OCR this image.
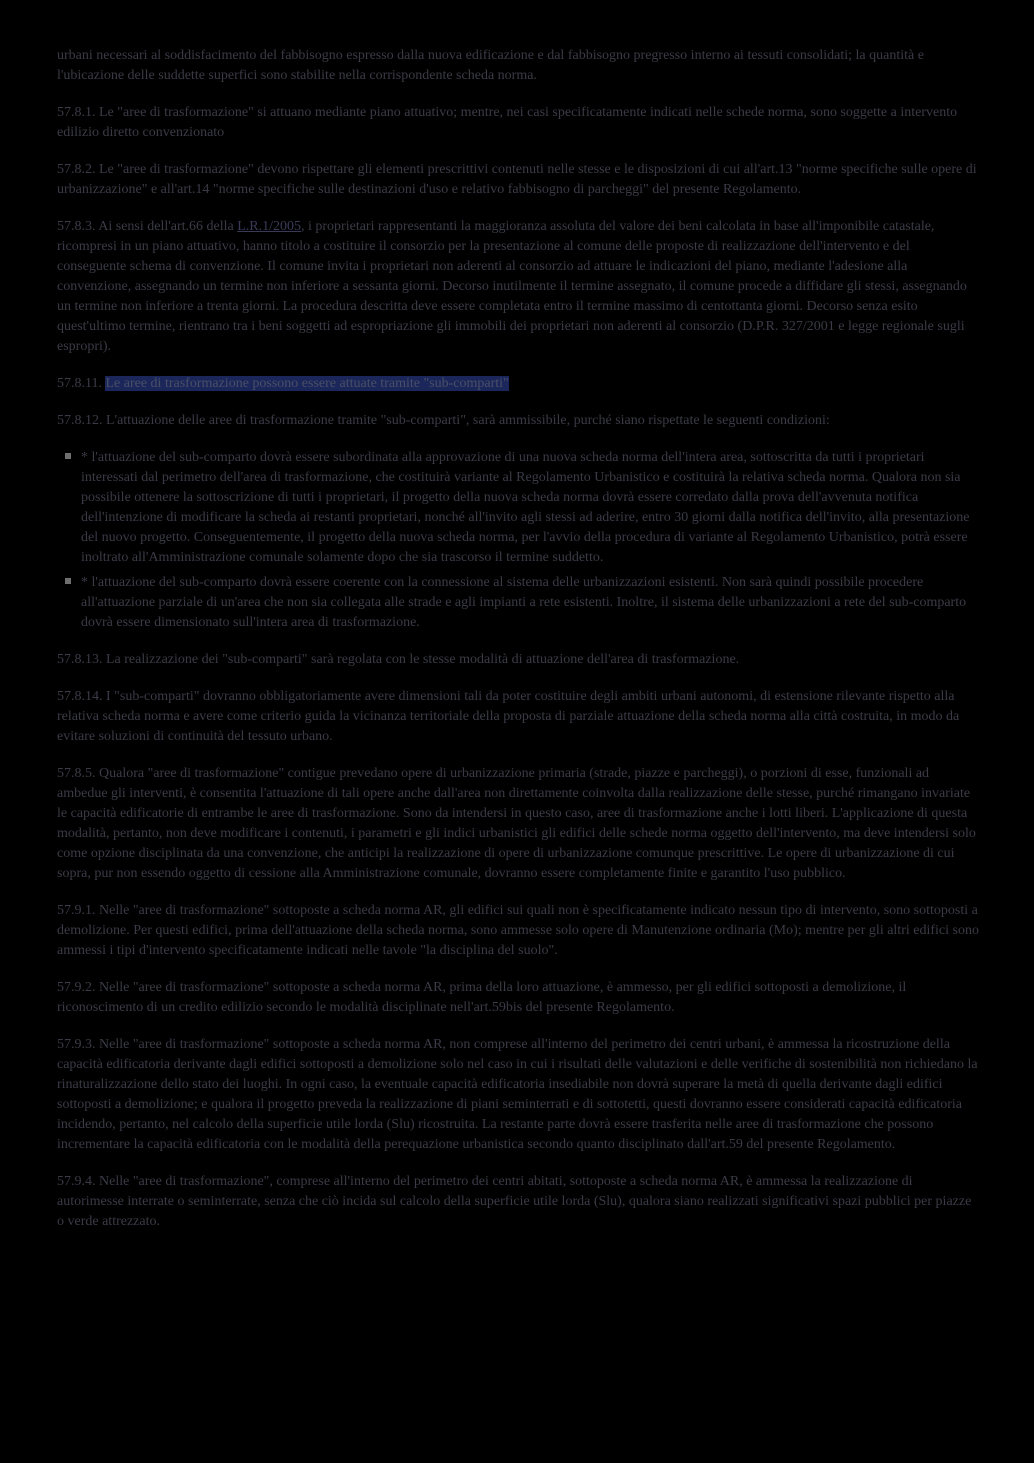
urbani necessari al soddisfacimento del fabbisogno espresso dalla nuova edificazione e dal fabbisogno pregresso interno ai tessuti consolidati; la quantità e l'ubicazione delle suddette superfici sono stabilite nella corrispondente scheda norma.

57.8.1. Le "aree di trasformazione" si attuano mediante piano attuativo; mentre, nei casi specificatamente indicati nelle schede norma, sono soggette a intervento edilizio diretto convenzionato

57.8.2. Le "aree di trasformazione" devono rispettare gli elementi prescrittivi contenuti nelle stesse e le disposizioni di cui all'art.13 "norme specifiche sulle opere di urbanizzazione" e all'art.14 "norme specifiche sulle destinazioni d'uso e relativo fabbisogno di parcheggi" del presente Regolamento.

57.8.3. Ai sensi dell'art.66 della L.R.1/2005, i proprietari rappresentanti la maggioranza assoluta del valore dei beni calcolata in base all'imponibile catastale, ricompresi in un piano attuativo, hanno titolo a costituire il consorzio per la presentazione al comune delle proposte di realizzazione dell'intervento e del conseguente schema di convenzione. Il comune invita i proprietari non aderenti al consorzio ad attuare le indicazioni del piano, mediante l'adesione alla convenzione, assegnando un termine non inferiore a sessanta giorni. Decorso inutilmente il termine assegnato, il comune procede a diffidare gli stessi, assegnando un termine non inferiore a trenta giorni. La procedura descritta deve essere completata entro il termine massimo di centottanta giorni. Decorso senza esito quest'ultimo termine, rientrano tra i beni soggetti ad espropriazione gli immobili dei proprietari non aderenti al consorzio (D.P.R. 327/2001 e legge regionale sugli espropri).

57.8.11. Le aree di trasformazione possono essere attuate tramite "sub-comparti"

57.8.12. L'attuazione delle aree di trasformazione tramite "sub-comparti", sarà ammissibile, purché siano rispettate le seguenti condizioni:

* l'attuazione del sub-comparto dovrà essere subordinata alla approvazione di una nuova scheda norma dell'intera area, sottoscritta da tutti i proprietari interessati dal perimetro dell'area di trasformazione, che costituirà variante al Regolamento Urbanistico e costituirà la relativa scheda norma. Qualora non sia possibile ottenere la sottoscrizione di tutti i proprietari, il progetto della nuova scheda norma dovrà essere corredato dalla prova dell'avvenuta notifica dell'intenzione di modificare la scheda ai restanti proprietari, nonché all'invito agli stessi ad aderire, entro 30 giorni dalla notifica dell'invito, alla presentazione del nuovo progetto. Conseguentemente, il progetto della nuova scheda norma, per l'avvio della procedura di variante al Regolamento Urbanistico, potrà essere inoltrato all'Amministrazione comunale solamente dopo che sia trascorso il termine suddetto.
* l'attuazione del sub-comparto dovrà essere coerente con la connessione al sistema delle urbanizzazioni esistenti. Non sarà quindi possibile procedere all'attuazione parziale di un'area che non sia collegata alle strade e agli impianti a rete esistenti. Inoltre, il sistema delle urbanizzazioni a rete del sub-comparto dovrà essere dimensionato sull'intera area di trasformazione.

57.8.13. La realizzazione dei "sub-comparti" sarà regolata con le stesse modalità di attuazione dell'area di trasformazione.

57.8.14. I "sub-comparti" dovranno obbligatoriamente avere dimensioni tali da poter costituire degli ambiti urbani autonomi, di estensione rilevante rispetto alla relativa scheda norma e avere come criterio guida la vicinanza territoriale della proposta di parziale attuazione della scheda norma alla città costruita, in modo da evitare soluzioni di continuità del tessuto urbano.

57.8.5. Qualora "aree di trasformazione" contigue prevedano opere di urbanizzazione primaria (strade, piazze e parcheggi), o porzioni di esse, funzionali ad ambedue gli interventi, è consentita l'attuazione di tali opere anche dall'area non direttamente coinvolta dalla realizzazione delle stesse, purché rimangano invariate le capacità edificatorie di entrambe le aree di trasformazione. Sono da intendersi in questo caso, aree di trasformazione anche i lotti liberi. L'applicazione di questa modalità, pertanto, non deve modificare i contenuti, i parametri e gli indici urbanistici gli edifici delle schede norma oggetto dell'intervento, ma deve intendersi solo come opzione disciplinata da una convenzione, che anticipi la realizzazione di opere di urbanizzazione comunque prescrittive. Le opere di urbanizzazione di cui sopra, pur non essendo oggetto di cessione alla Amministrazione comunale, dovranno essere completamente finite e garantito l'uso pubblico.

57.9.1. Nelle "aree di trasformazione" sottoposte a scheda norma AR, gli edifici sui quali non è specificatamente indicato nessun tipo di intervento, sono sottoposti a demolizione. Per questi edifici, prima dell'attuazione della scheda norma, sono ammesse solo opere di Manutenzione ordinaria (Mo); mentre per gli altri edifici sono ammessi i tipi d'intervento specificatamente indicati nelle tavole "la disciplina del suolo".

57.9.2. Nelle "aree di trasformazione" sottoposte a scheda norma AR, prima della loro attuazione, è ammesso, per gli edifici sottoposti a demolizione, il riconoscimento di un credito edilizio secondo le modalità disciplinate nell'art.59bis del presente Regolamento.

57.9.3. Nelle "aree di trasformazione" sottoposte a scheda norma AR, non comprese all'interno del perimetro dei centri urbani, è ammessa la ricostruzione della capacità edificatoria derivante dagli edifici sottoposti a demolizione solo nel caso in cui i risultati delle valutazioni e delle verifiche di sostenibilità non richiedano la rinaturalizzazione dello stato dei luoghi. In ogni caso, la eventuale capacità edificatoria insediabile non dovrà superare la metà di quella derivante dagli edifici sottoposti a demolizione; e qualora il progetto preveda la realizzazione di piani seminterrati e di sottotetti, questi dovranno essere considerati capacità edificatoria incidendo, pertanto, nel calcolo della superficie utile lorda (Slu) ricostruita. La restante parte dovrà essere trasferita nelle aree di trasformazione che possono incrementare la capacità edificatoria con le modalità della perequazione urbanistica secondo quanto disciplinato dall'art.59 del presente Regolamento.

57.9.4. Nelle "aree di trasformazione", comprese all'interno del perimetro dei centri abitati, sottoposte a scheda norma AR, è ammessa la realizzazione di autorimesse interrate o seminterrate, senza che ciò incida sul calcolo della superficie utile lorda (Slu), qualora siano realizzati significativi spazi pubblici per piazze o verde attrezzato.
